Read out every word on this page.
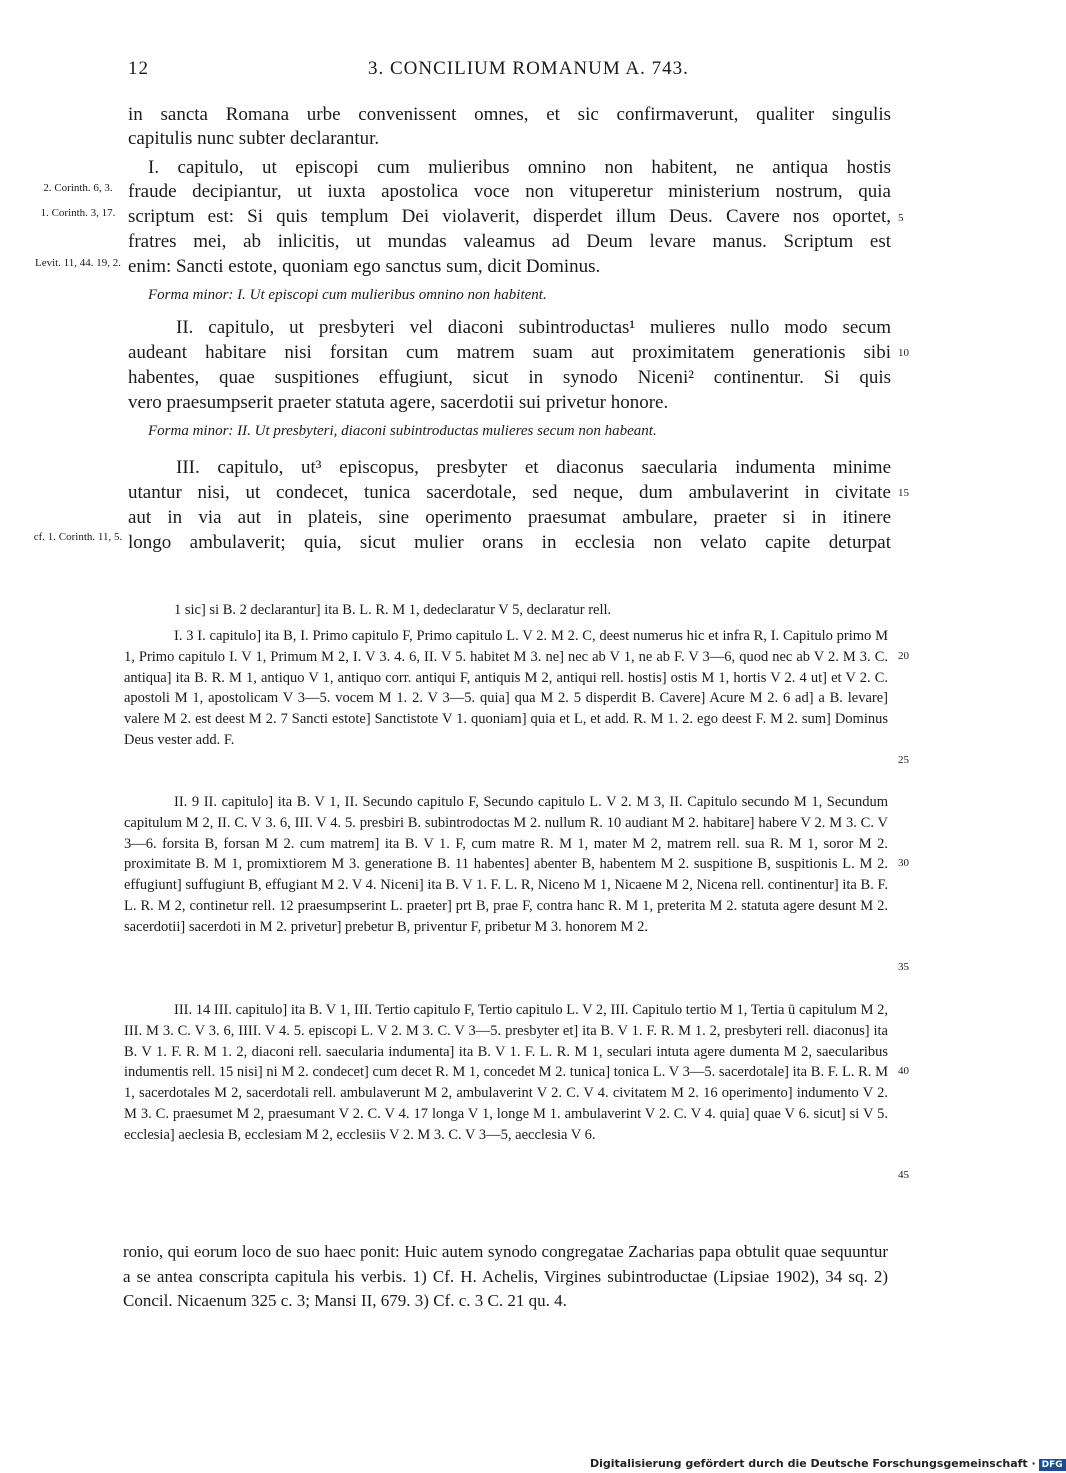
12	3. CONCILIUM ROMANUM A. 743.
in sancta Romana urbe convenissent omnes, et sic confirmaverunt, qualiter singulis
capitulis nunc subter declarantur.
I. capitulo, ut episcopi cum mulieribus omnino non habitent, ne antiqua hostis
fraude decipiantur, ut iuxta apostolica voce non vituperetur ministerium nostrum, quia
scriptum est: Si quis templum Dei violaverit, disperdet illum Deus. Cavere nos oportet,
fratres mei, ab inlicitis, ut mundas valeamus ad Deum levare manus. Scriptum est
enim: Sancti estote, quoniam ego sanctus sum, dicit Dominus.
Forma minor: I. Ut episcopi cum mulieribus omnino non habitent.
II. capitulo, ut presbyteri vel diaconi subintroductas¹ mulieres nullo modo secum
audeant habitare nisi forsitan cum matrem suam aut proximitatem generationis sibi
habentes, quae suspitiones effugiunt, sicut in synodo Niceni² continentur. Si quis
vero praesumpserit praeter statuta agere, sacerdotii sui privetur honore.
Forma minor: II. Ut presbyteri, diaconi subintroductas mulieres secum non habeant.
III. capitulo, ut³ episcopus, presbyter et diaconus saecularia indumenta minime
utantur nisi, ut condecet, tunica sacerdotale, sed neque, dum ambulaverint in civitate
aut in via aut in plateis, sine operimento praesumat ambulare, praeter si in itinere
longo ambulaverit; quia, sicut mulier orans in ecclesia non velato capite deturpat
2. Corinth. 6, 3.
1. Corinth. 3, 17.
Levit. 11, 44. 19, 2.
cf. 1. Corinth. 11, 5.
5
10
15
20
25
30
35
40
45
1 sic] si B. 2 declarantur] ita B. L. R. M 1, dedeclaratur V 5, declaratur rell.
I. 3 I. capitulo] ita B, I. Primo capitulo F, Primo capitulo L. V 2. M 2. C, deest numerus hic et infra R, I. Capitulo primo M 1, Primo capitulo I. V 1, Primum M 2, I. V 3. 4. 6, II. V 5. habitet M 3. ne] nec ab V 1, ne ab F. V 3—6, quod nec ab V 2. M 3. C. antiqua] ita B. R. M 1, antiquo V 1, antiquo corr. antiqui F, antiquis M 2, antiqui rell. hostis] ostis M 1, hortis V 2. 4 ut] et V 2. C. apostoli M 1, apostolicam V 3—5. vocem M 1. 2. V 3—5. quia] qua M 2. 5 disperdit B. Cavere] Acure M 2. 6 ad] a B. levare] valere M 2. est deest M 2. 7 Sancti estote] Sanctistote V 1. quoniam] quia et L, et add. R. M 1. 2. ego deest F. M 2. sum] Dominus Deus vester add. F.
II. 9 II. capitulo] ita B. V 1, II. Secundo capitulo F, Secundo capitulo L. V 2. M 3, II. Capitulo secundo M 1, Secundum capitulum M 2, II. C. V 3. 6, III. V 4. 5. presbiri B. subintrodoctas M 2. nullum R. 10 audiant M 2. habitare] habere V 2. M 3. C. V 3—6. forsita B, forsan M 2. cum matrem] ita B. V 1. F, cum matre R. M 1, mater M 2, matrem rell. sua R. M 1, soror M 2. proximitate B. M 1, promixtiorem M 3. generatione B. 11 habentes] abenter B, habentem M 2. suspitione B, suspitionis L. M 2. effugiunt] suffugiunt B, effugiant M 2. V 4. Niceni] ita B. V 1. F. L. R, Niceno M 1, Nicaene M 2, Nicena rell. continentur] ita B. F. L. R. M 2, continetur rell. 12 praesumpserint L. praeter] prt B, prae F, contra hanc R. M 1, preterita M 2. statuta agere desunt M 2. sacerdotii] sacerdoti in M 2. privetur] prebetur B, priventur F, pribetur M 3. honorem M 2.
III. 14 III. capitulo] ita B. V 1, III. Tertio capitulo F, Tertio capitulo L. V 2, III. Capitulo tertio M 1, Tertia ū capitulum M 2, III. M 3. C. V 3. 6, IIII. V 4. 5. episcopi L. V 2. M 3. C. V 3—5. presbyter et] ita B. V 1. F. R. M 1. 2, presbyteri rell. diaconus] ita B. V 1. F. R. M 1. 2, diaconi rell. saecularia indumenta] ita B. V 1. F. L. R. M 1, seculari intuta agere dumenta M 2, saecularibus indumentis rell. 15 nisi] ni M 2. condecet] cum decet R. M 1, concedet M 2. tunica] tonica L. V 3—5. sacerdotale] ita B. F. L. R. M 1, sacerdotales M 2, sacerdotali rell. ambulaverunt M 2, ambulaverint V 2. C. V 4. civitatem M 2. 16 operimento] indumento V 2. M 3. C. praesumet M 2, praesumant V 2. C. V 4. 17 longa V 1, longe M 1. ambulaverint V 2. C. V 4. quia] quae V 6. sicut] si V 5. ecclesia] aeclesia B, ecclesiam M 2, ecclesiis V 2. M 3. C. V 3—5, aecclesia V 6.
ronio, qui eorum loco de suo haec ponit: Huic autem synodo congregatae Zacharias papa obtulit quae sequuntur a se antea conscripta capitula his verbis. 1) Cf. H. Achelis, Virgines subintroductae (Lipsiae 1902), 34 sq. 2) Concil. Nicaenum 325 c. 3; Mansi II, 679. 3) Cf. c. 3 C. 21 qu. 4.
Digitalisierung gefördert durch die Deutsche Forschungsgemeinschaft · DFG
